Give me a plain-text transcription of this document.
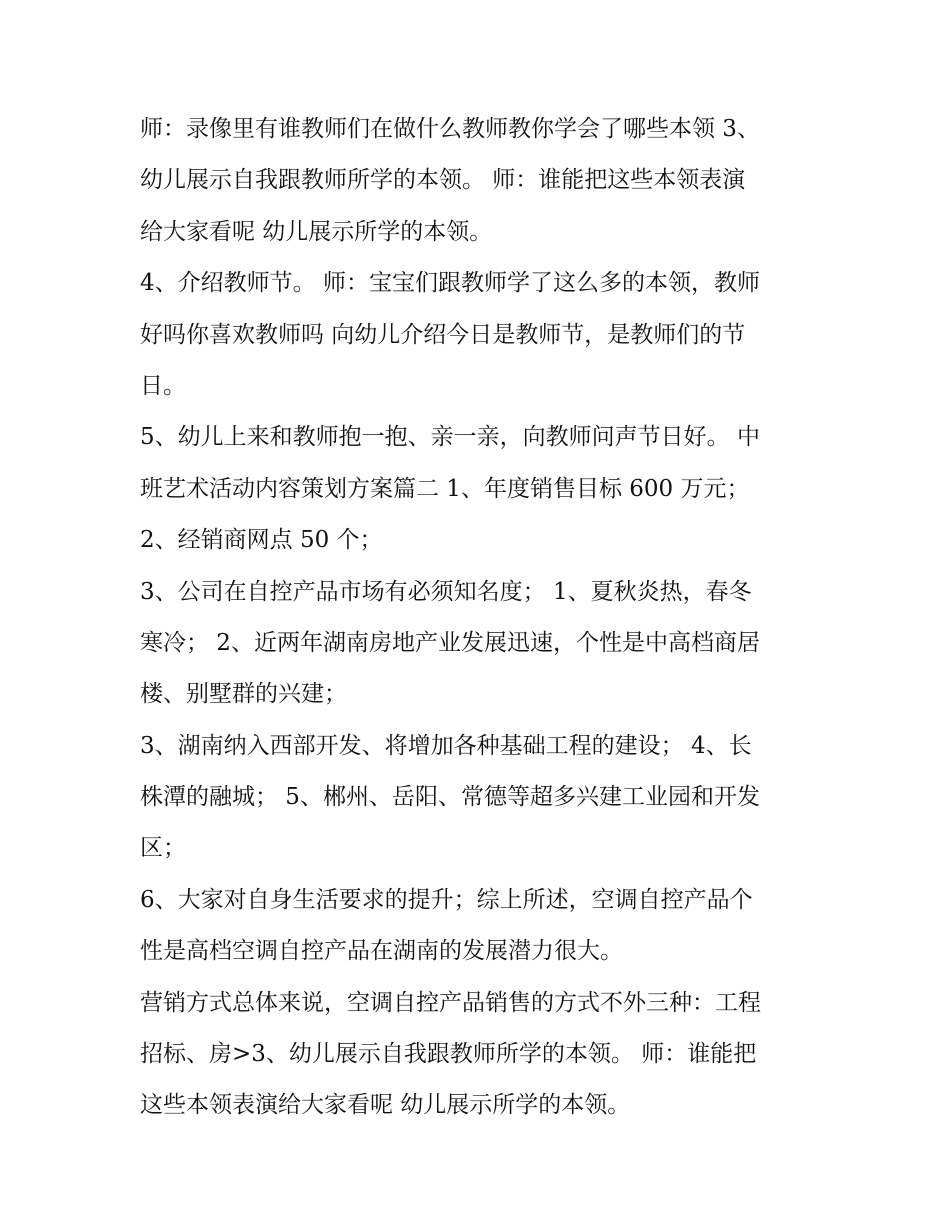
师：录像里有谁教师们在做什么教师教你学会了哪些本领 3、
幼儿展示自我跟教师所学的本领。 师：谁能把这些本领表演
给大家看呢 幼儿展示所学的本领。
4、介绍教师节。 师：宝宝们跟教师学了这么多的本领，教师
好吗你喜欢教师吗 向幼儿介绍今日是教师节，是教师们的节
日。
5、幼儿上来和教师抱一抱、亲一亲，向教师问声节日好。 中
班艺术活动内容策划方案篇二 1、年度销售目标 600 万元；
2、经销商网点 50 个；
3、公司在自控产品市场有必须知名度； 1、夏秋炎热，春冬
寒冷； 2、近两年湖南房地产业发展迅速，个性是中高档商居
楼、别墅群的兴建；
3、湖南纳入西部开发、将增加各种基础工程的建设； 4、长
株潭的融城； 5、郴州、岳阳、常德等超多兴建工业园和开发
区；
6、大家对自身生活要求的提升；综上所述，空调自控产品个
性是高档空调自控产品在湖南的发展潜力很大。
营销方式总体来说，空调自控产品销售的方式不外三种：工程
招标、房>3、幼儿展示自我跟教师所学的本领。 师：谁能把
这些本领表演给大家看呢 幼儿展示所学的本领。
